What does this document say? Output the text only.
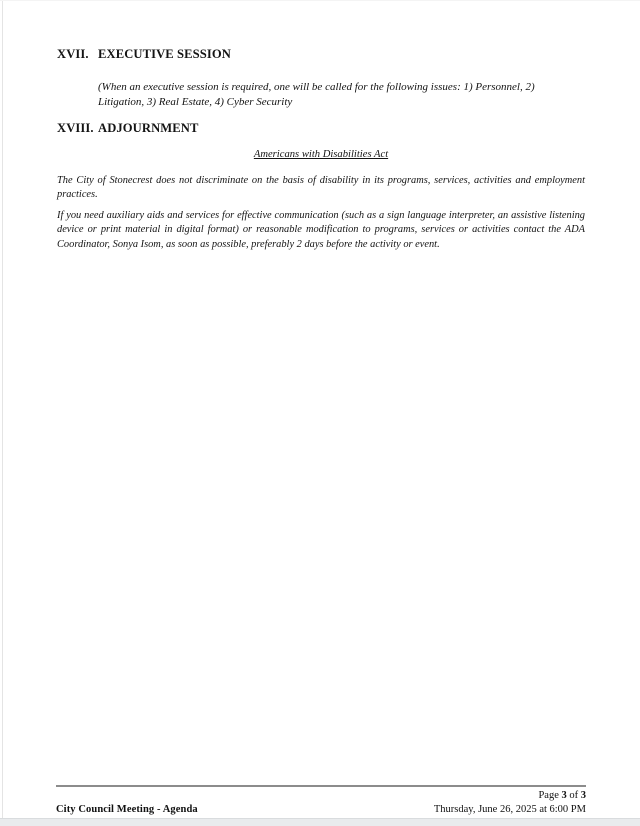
XVII. EXECUTIVE SESSION

(When an executive session is required, one will be called for the following issues: 1) Personnel, 2) Litigation, 3) Real Estate, 4) Cyber Security

XVIII. ADJOURNMENT
Americans with Disabilities Act

The City of Stonecrest does not discriminate on the basis of disability in its programs, services, activities and employment practices.

If you need auxiliary aids and services for effective communication (such as a sign language interpreter, an assistive listening device or print material in digital format) or reasonable modification to programs, services or activities contact the ADA Coordinator, Sonya Isom, as soon as possible, preferably 2 days before the activity or event.

Page 3 of 3
City Council Meeting - Agenda	Thursday, June 26, 2025 at 6:00 PM
